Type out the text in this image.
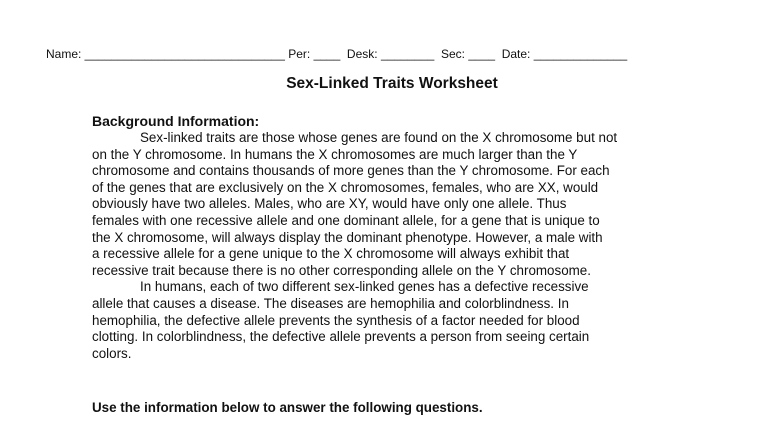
Name: ______________________________ Per: ____  Desk: ________  Sec: ____  Date: ______________
Sex-Linked Traits Worksheet
Background Information:
Sex-linked traits are those whose genes are found on the X chromosome but not
on the Y chromosome. In humans the X chromosomes are much larger than the Y
chromosome and contains thousands of more genes than the Y chromosome. For each
of the genes that are exclusively on the X chromosomes, females, who are XX, would
obviously have two alleles. Males, who are XY, would have only one allele. Thus
females with one recessive allele and one dominant allele, for a gene that is unique to
the X chromosome, will always display the dominant phenotype. However, a male with
a recessive allele for a gene unique to the X chromosome will always exhibit that
recessive trait because there is no other corresponding allele on the Y chromosome.
In humans, each of two different sex-linked genes has a defective recessive
allele that causes a disease. The diseases are hemophilia and colorblindness. In
hemophilia, the defective allele prevents the synthesis of a factor needed for blood
clotting. In colorblindness, the defective allele prevents a person from seeing certain
colors.
Use the information below to answer the following questions.
